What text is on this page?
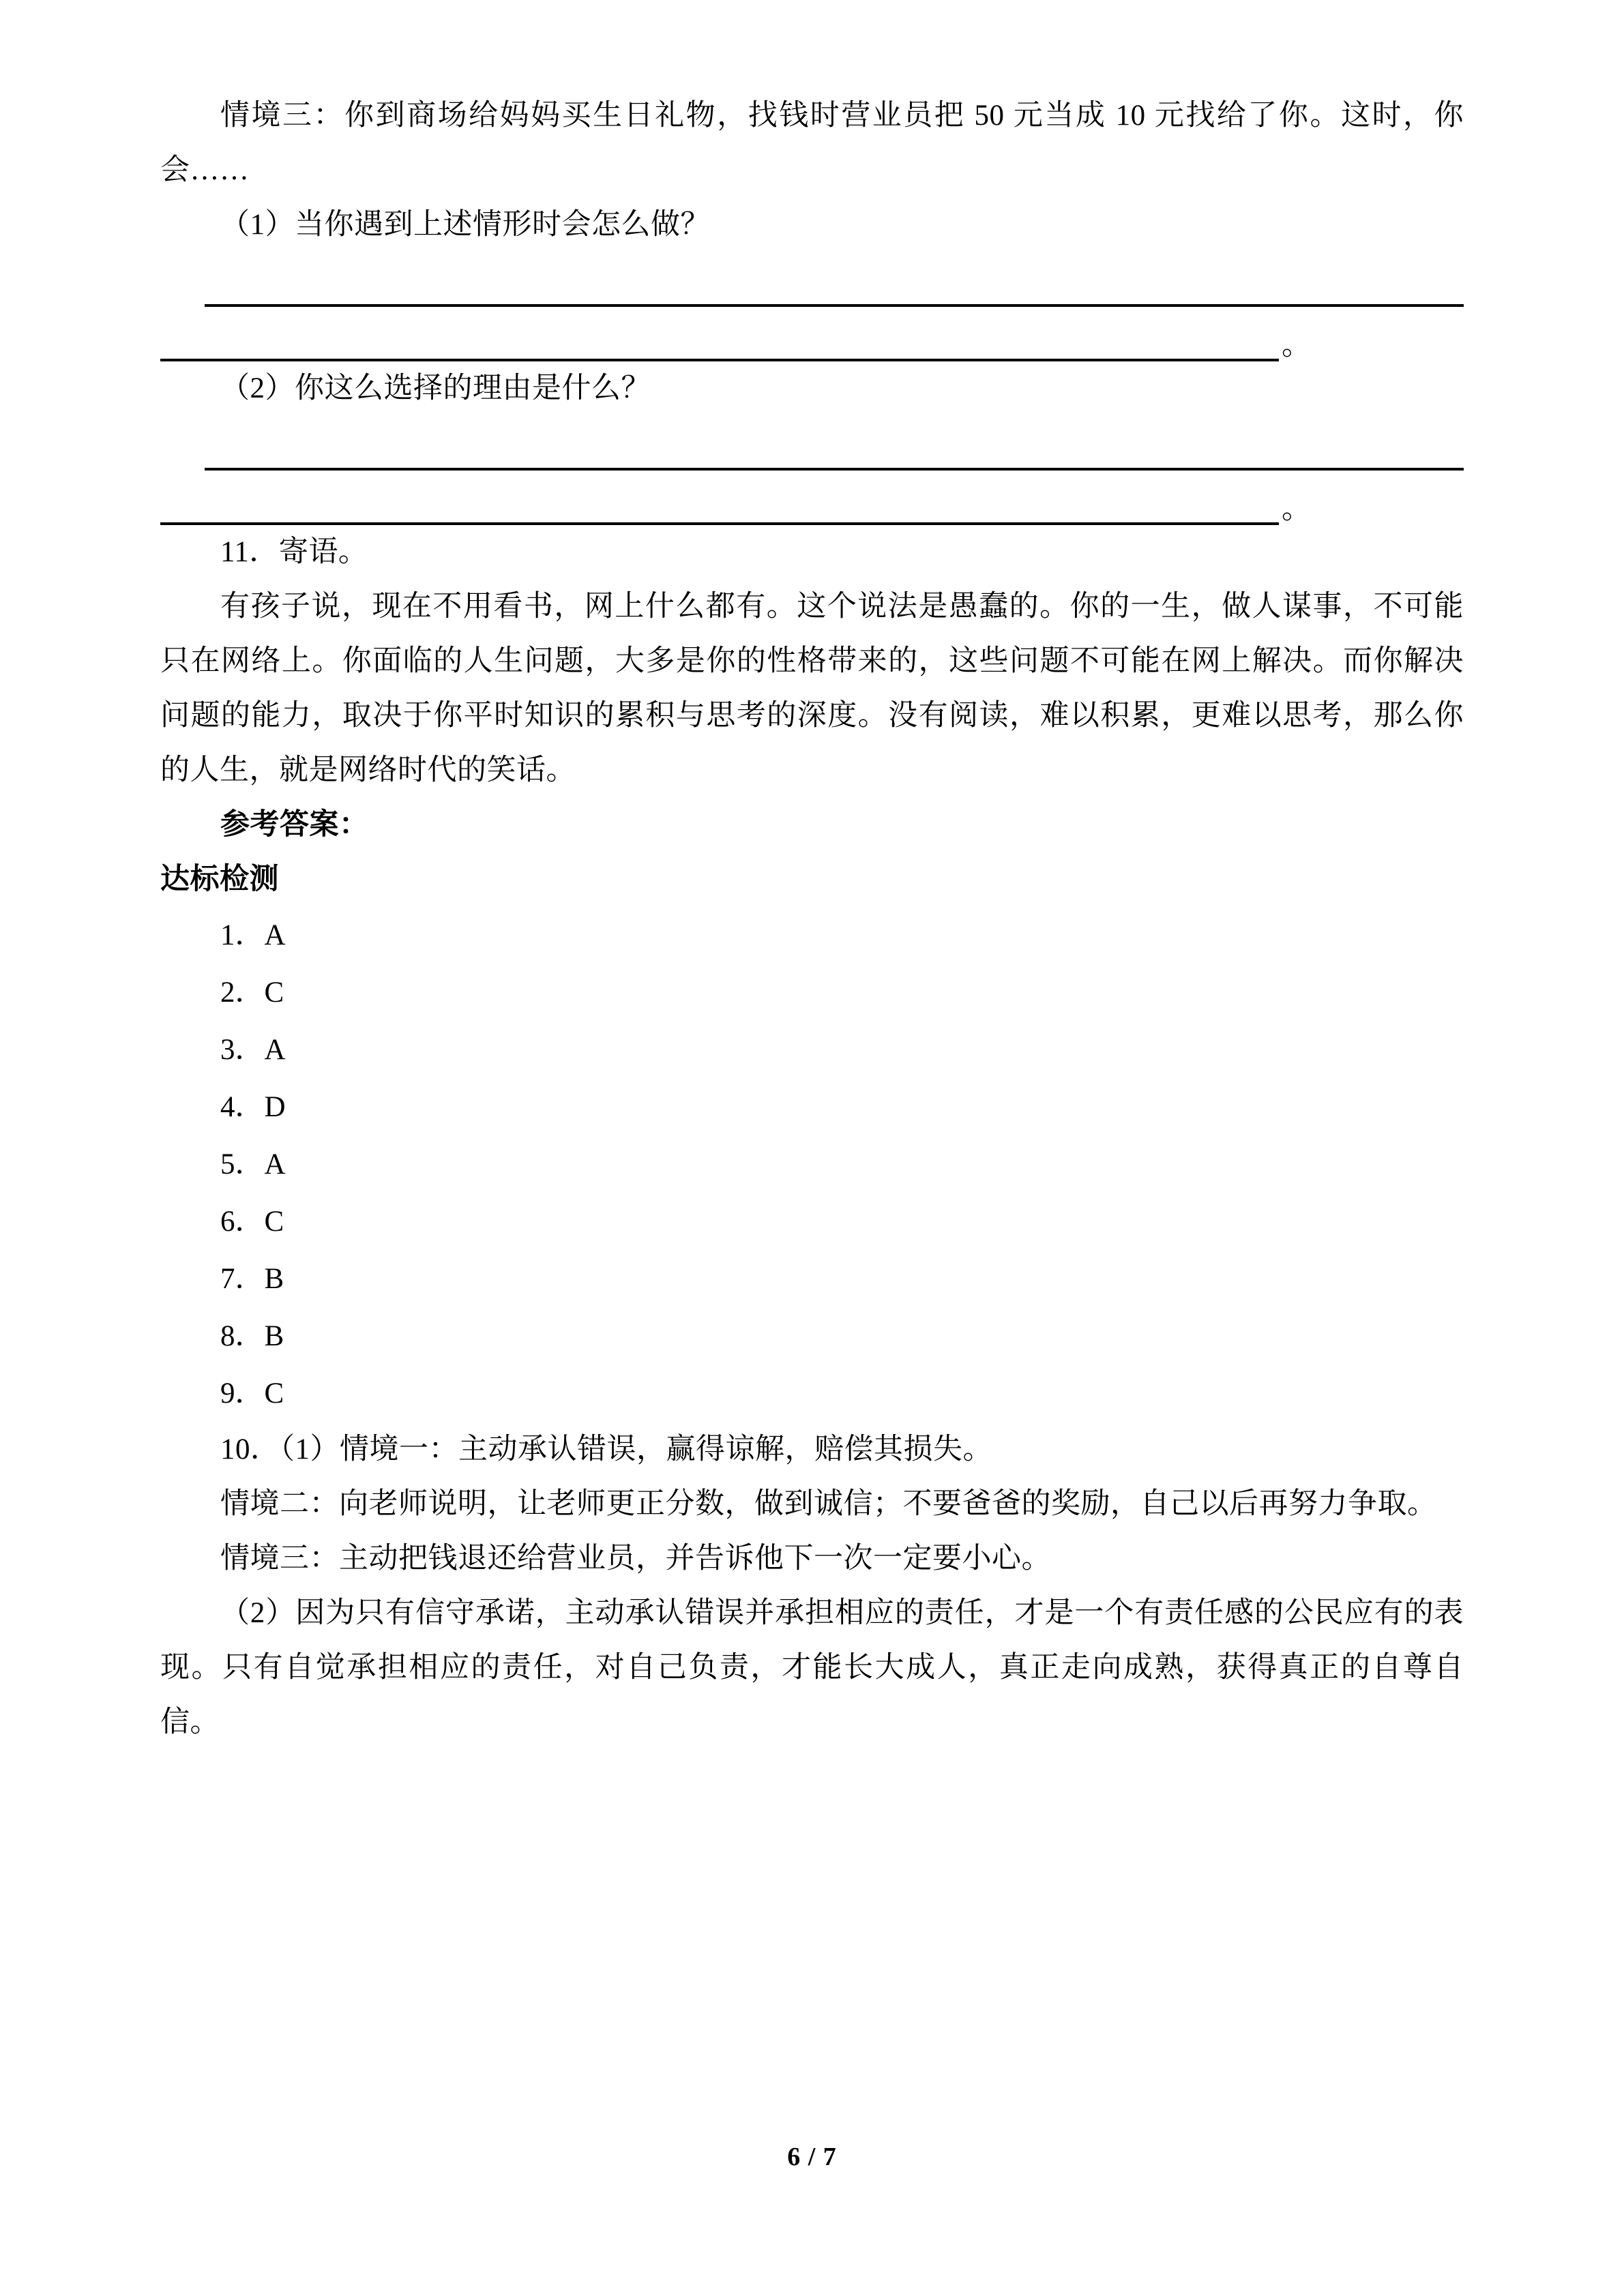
情境三：你到商场给妈妈买生日礼物，找钱时营业员把 50 元当成 10 元找给了你。这时，你会……

（1）当你遇到上述情形时会怎么做？

。

（2）你这么选择的理由是什么？

。

11．寄语。

有孩子说，现在不用看书，网上什么都有。这个说法是愚蠢的。你的一生，做人谋事，不可能只在网络上。你面临的人生问题，大多是你的性格带来的，这些问题不可能在网上解决。而你解决问题的能力，取决于你平时知识的累积与思考的深度。没有阅读，难以积累，更难以思考，那么你的人生，就是网络时代的笑话。

参考答案：

达标检测

1．A
2．C
3．A
4．D
5．A
6．C
7．B
8．B
9．C

10．（1）情境一：主动承认错误，赢得谅解，赔偿其损失。

情境二：向老师说明，让老师更正分数，做到诚信；不要爸爸的奖励，自己以后再努力争取。

情境三：主动把钱退还给营业员，并告诉他下一次一定要小心。

（2）因为只有信守承诺，主动承认错误并承担相应的责任，才是一个有责任感的公民应有的表现。只有自觉承担相应的责任，对自己负责，才能长大成人，真正走向成熟，获得真正的自尊自信。

6 / 7
